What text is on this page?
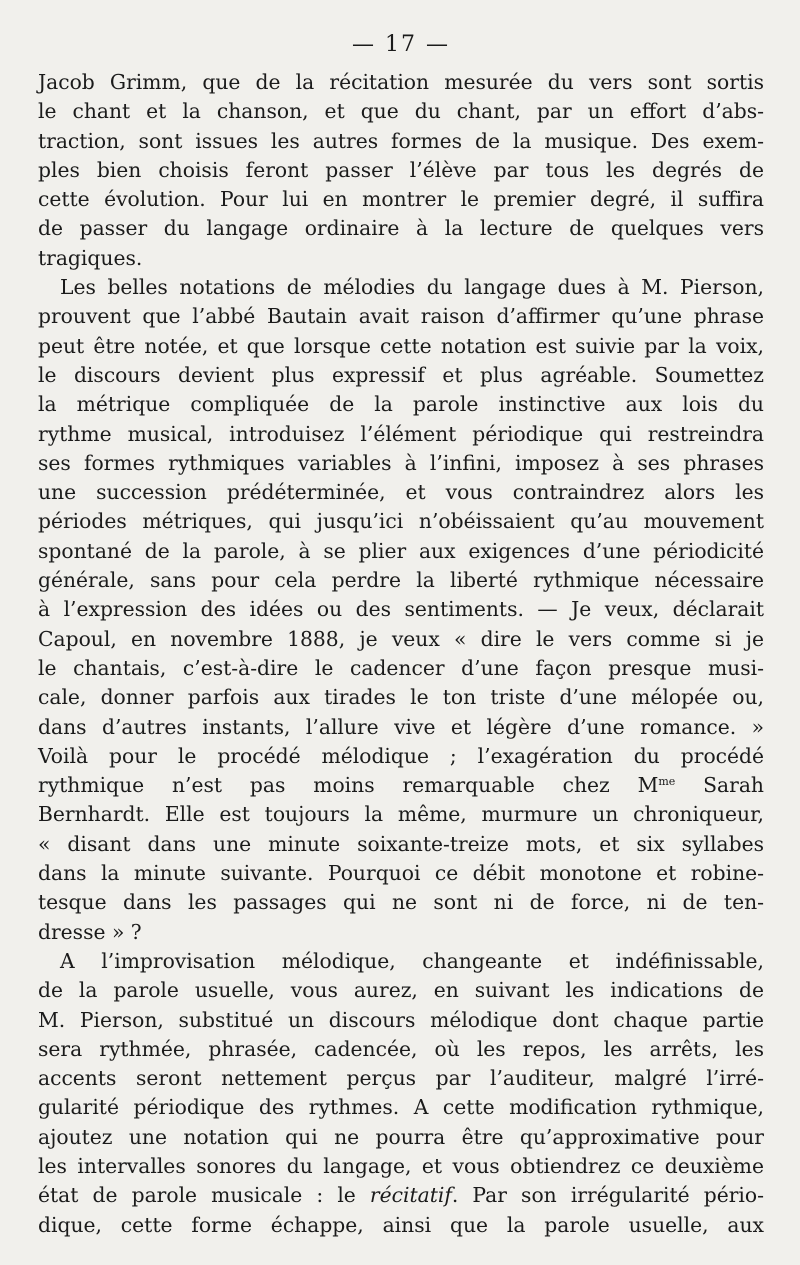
— 17 —

Jacob Grimm, que de la récitation mesurée du vers sont sortis
le chant et la chanson, et que du chant, par un effort d’abs-
traction, sont issues les autres formes de la musique. Des exem-
ples bien choisis feront passer l’élève par tous les degrés de
cette évolution. Pour lui en montrer le premier degré, il suffira
de passer du langage ordinaire à la lecture de quelques vers
tragiques.

Les belles notations de mélodies du langage dues à M. Pierson,
prouvent que l’abbé Bautain avait raison d’affirmer qu’une phrase
peut être notée, et que lorsque cette notation est suivie par la voix,
le discours devient plus expressif et plus agréable. Soumettez
la métrique compliquée de la parole instinctive aux lois du
rythme musical, introduisez l’élément périodique qui restreindra
ses formes rythmiques variables à l’infini, imposez à ses phrases
une succession prédéterminée, et vous contraindrez alors les
périodes métriques, qui jusqu’ici n’obéissaient qu’au mouvement
spontané de la parole, à se plier aux exigences d’une périodicité
générale, sans pour cela perdre la liberté rythmique nécessaire
à l’expression des idées ou des sentiments. — Je veux, déclarait
Capoul, en novembre 1888, je veux « dire le vers comme si je
le chantais, c’est-à-dire le cadencer d’une façon presque musi-
cale, donner parfois aux tirades le ton triste d’une mélopée ou,
dans d’autres instants, l’allure vive et légère d’une romance. »
Voilà pour le procédé mélodique ; l’exagération du procédé
rythmique n’est pas moins remarquable chez $M^{me}$ Sarah
Bernhardt. Elle est toujours la même, murmure un chroniqueur,
« disant dans une minute soixante-treize mots, et six syllabes
dans la minute suivante. Pourquoi ce débit monotone et robine-
tesque dans les passages qui ne sont ni de force, ni de ten-
dresse » ?

A l’improvisation mélodique, changeante et indéfinissable,
de la parole usuelle, vous aurez, en suivant les indications de
M. Pierson, substitué un discours mélodique dont chaque partie
sera rythmée, phrasée, cadencée, où les repos, les arrêts, les
accents seront nettement perçus par l’auditeur, malgré l’irré-
gularité périodique des rythmes. A cette modification rythmique,
ajoutez une notation qui ne pourra être qu’approximative pour
les intervalles sonores du langage, et vous obtiendrez ce deuxième
état de parole musicale : le récitatif. Par son irrégularité pério-
dique, cette forme échappe, ainsi que la parole usuelle, aux
